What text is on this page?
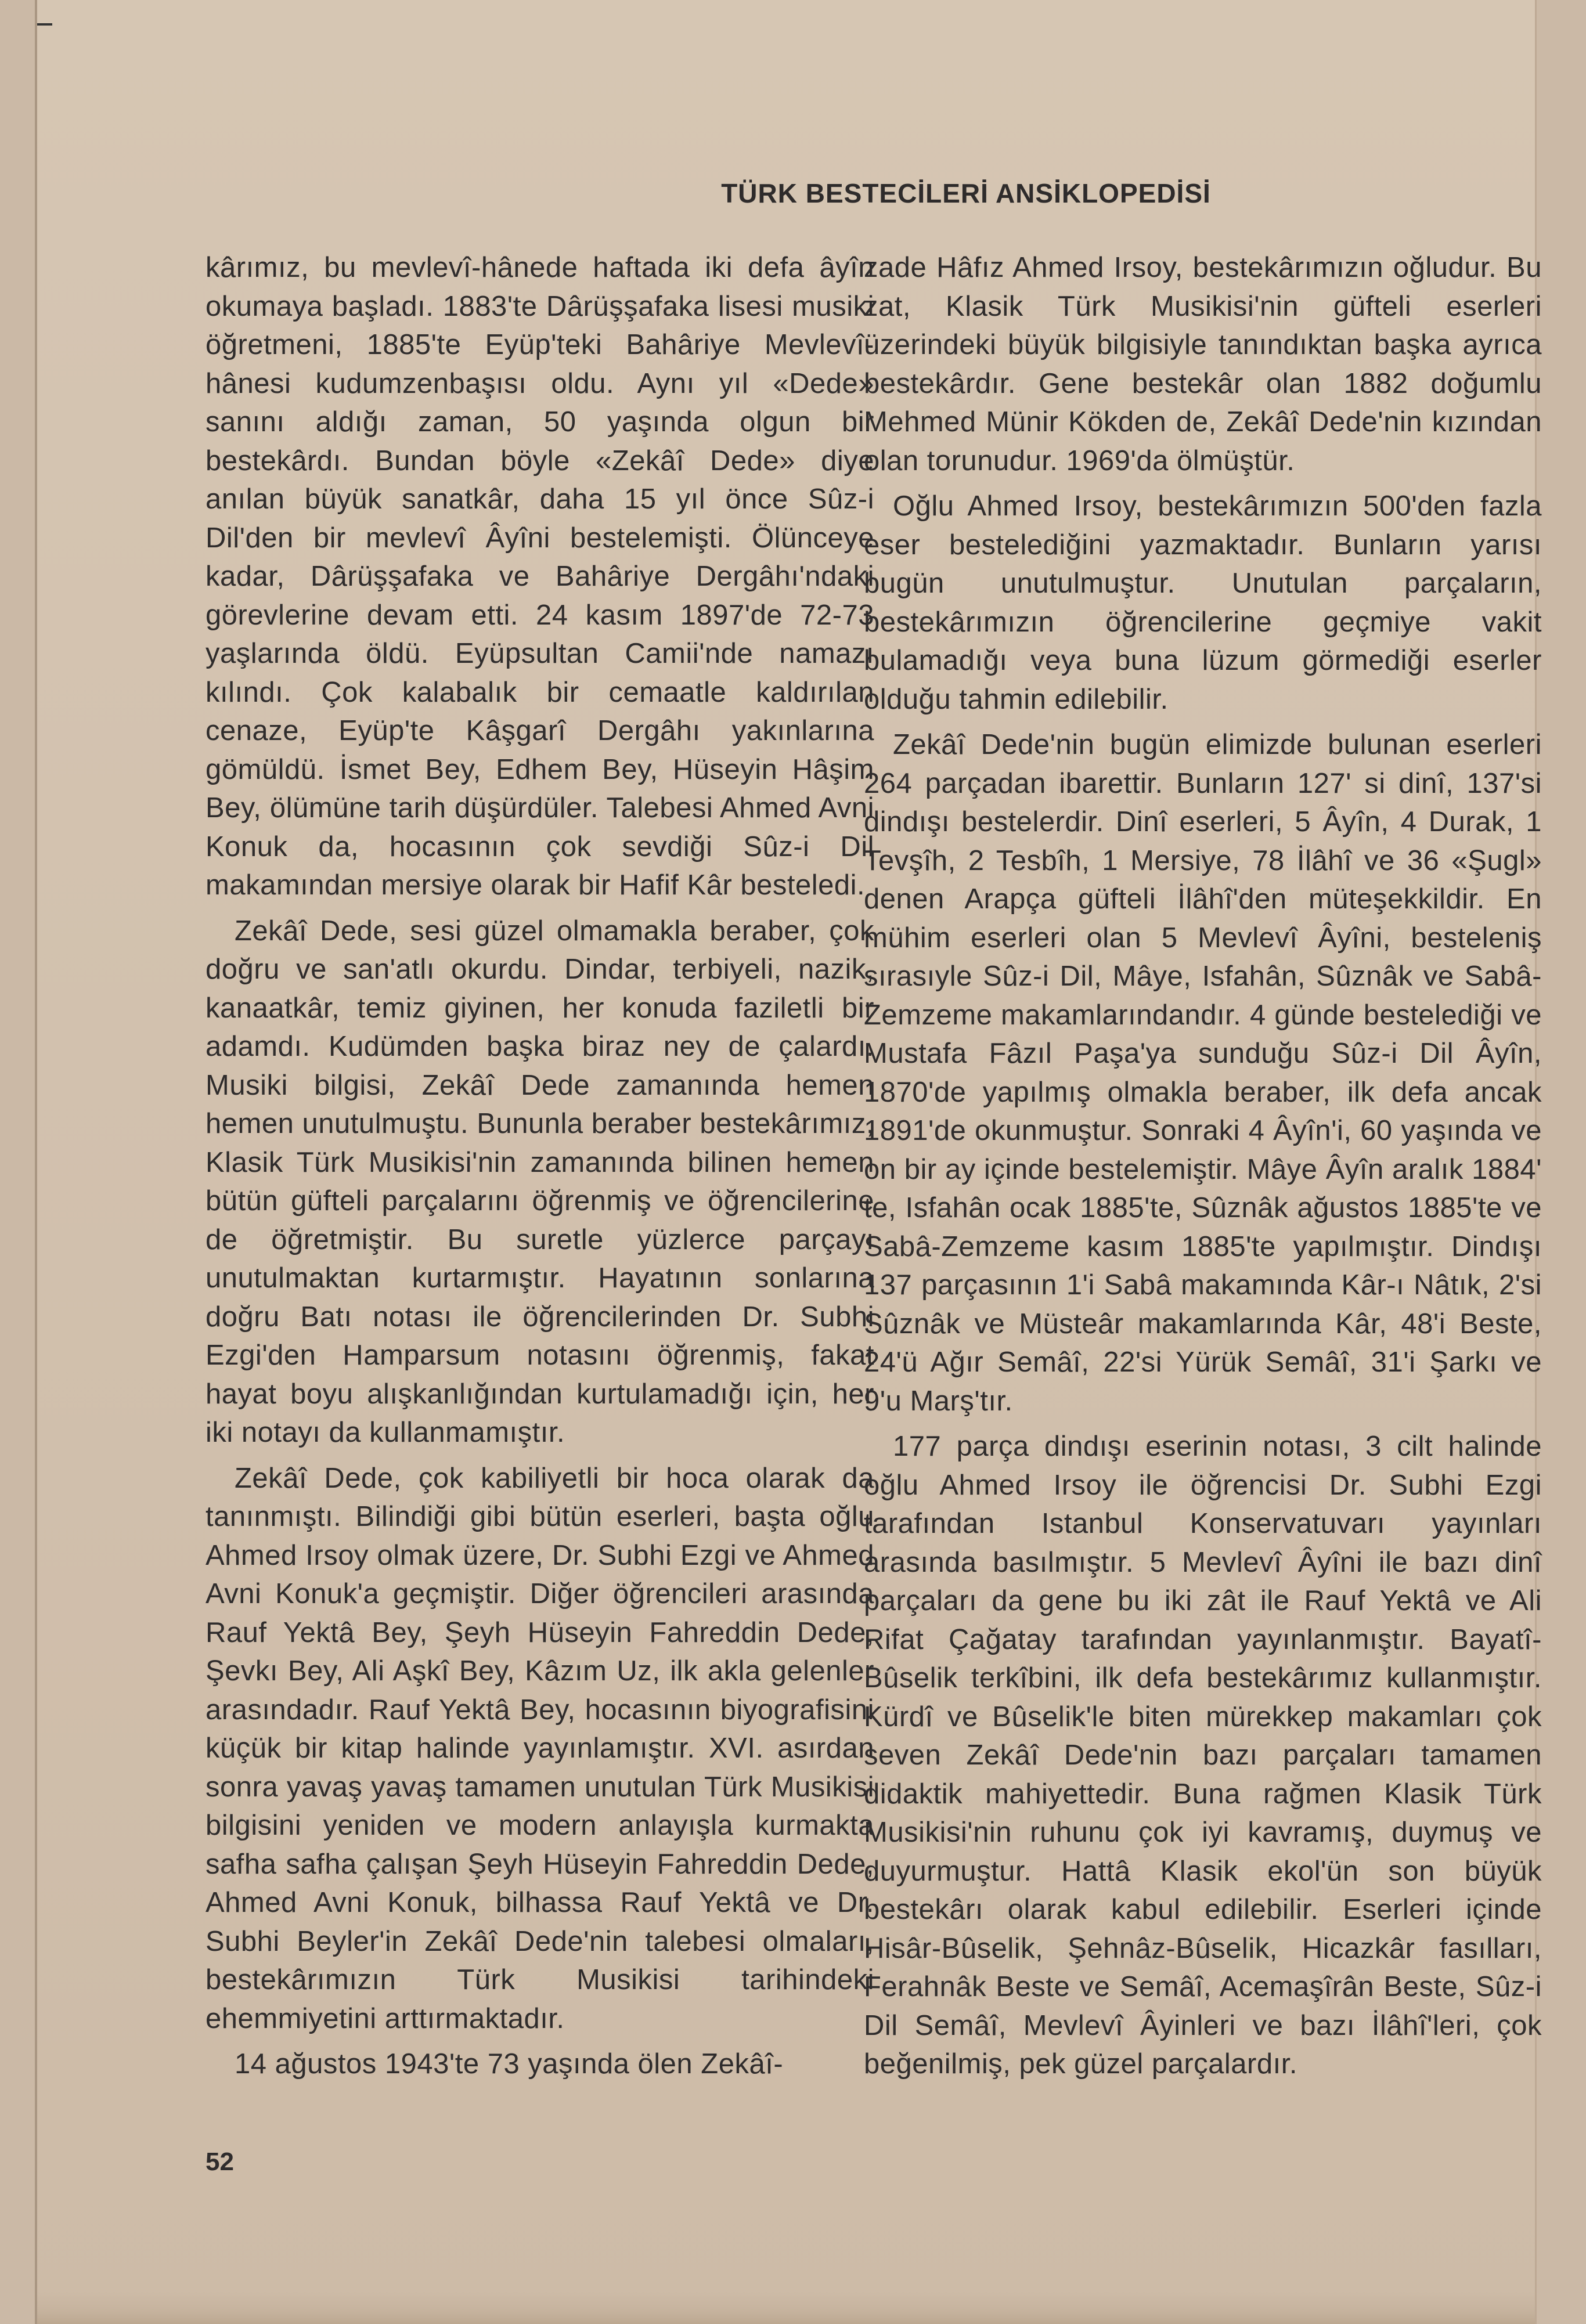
TÜRK BESTECİLERİ ANSİKLOPEDİSİ

kârımız, bu mevlevî-hânede haftada iki defa âyîn okumaya başladı. 1883'te Dârüşşafaka lisesi musiki öğretmeni, 1885'te Eyüp'teki Bahâriye Mevlevî-hânesi kudumzenbaşısı oldu. Aynı yıl «Dede» sanını aldığı zaman, 50 yaşında olgun bir bestekârdı. Bundan böyle «Zekâî Dede» diye anılan büyük sanatkâr, daha 15 yıl önce Sûz-i Dil'den bir mevlevî Âyîni bestelemişti. Ölünceye kadar, Dârüşşafaka ve Bahâriye Dergâhı'ndaki görevlerine devam etti. 24 kasım 1897'de 72-73 yaşlarında öldü. Eyüpsultan Camii'nde namazı kılındı. Çok kalabalık bir cemaatle kaldırılan cenaze, Eyüp'te Kâşgarî Dergâhı yakınlarına gömüldü. İsmet Bey, Edhem Bey, Hüseyin Hâşim Bey, ölümüne tarih düşürdüler. Talebesi Ahmed Avni Konuk da, hocasının çok sevdiği Sûz-i Dil makamından mersiye olarak bir Hafif Kâr besteledi.

Zekâî Dede, sesi güzel olmamakla beraber, çok doğru ve san'atlı okurdu. Dindar, terbiyeli, nazik, kanaatkâr, temiz giyinen, her konuda faziletli bir adamdı. Kudümden başka biraz ney de çalardı. Musiki bilgisi, Zekâî Dede zamanında hemen hemen unutulmuştu. Bununla beraber bestekârımız, Klasik Türk Musikisi'nin zamanında bilinen hemen bütün güfteli parçalarını öğrenmiş ve öğrencilerine de öğretmiştir. Bu suretle yüzlerce parçayı unutulmaktan kurtarmıştır. Hayatının sonlarına doğru Batı notası ile öğrencilerinden Dr. Subhi Ezgi'den Hamparsum notasını öğrenmiş, fakat hayat boyu alışkanlığından kurtulamadığı için, her iki notayı da kullanmamıştır.

Zekâî Dede, çok kabiliyetli bir hoca olarak da tanınmıştı. Bilindiği gibi bütün eserleri, başta oğlu Ahmed Irsoy olmak üzere, Dr. Subhi Ezgi ve Ahmed Avni Konuk'a geçmiştir. Diğer öğrencileri arasında Rauf Yektâ Bey, Şeyh Hüseyin Fahreddin Dede, Şevkı Bey, Ali Aşkî Bey, Kâzım Uz, ilk akla gelenler arasındadır. Rauf Yektâ Bey, hocasının biyografisini küçük bir kitap halinde yayınlamıştır. XVI. asırdan sonra yavaş yavaş tamamen unutulan Türk Musikisi bilgisini yeniden ve modern anlayışla kurmakta safha safha çalışan Şeyh Hüseyin Fahreddin Dede, Ahmed Avni Konuk, bilhassa Rauf Yektâ ve Dr. Subhi Beyler'in Zekâî Dede'nin talebesi olmaları, bestekârımızın Türk Musikisi tarihindeki ehemmiyetini arttırmaktadır.

14 ağustos 1943'te 73 yaşında ölen Zekâî-

zade Hâfız Ahmed Irsoy, bestekârımızın oğludur. Bu zat, Klasik Türk Musikisi'nin güfteli eserleri üzerindeki büyük bilgisiyle tanındıktan başka ayrıca bestekârdır. Gene bestekâr olan 1882 doğumlu Mehmed Münir Kökden de, Zekâî Dede'nin kızından olan torunudur. 1969'da ölmüştür.

Oğlu Ahmed Irsoy, bestekârımızın 500'den fazla eser bestelediğini yazmaktadır. Bunların yarısı bugün unutulmuştur. Unutulan parçaların, bestekârımızın öğrencilerine geçmiye vakit bulamadığı veya buna lüzum görmediği eserler olduğu tahmin edilebilir.

Zekâî Dede'nin bugün elimizde bulunan eserleri 264 parçadan ibarettir. Bunların 127' si dinî, 137'si dindışı bestelerdir. Dinî eserleri, 5 Âyîn, 4 Durak, 1 Tevşîh, 2 Tesbîh, 1 Mersiye, 78 İlâhî ve 36 «Şugl» denen Arapça güfteli İlâhî'den müteşekkildir. En mühim eserleri olan 5 Mevlevî Âyîni, besteleniş sırasıyle Sûz-i Dil, Mâye, Isfahân, Sûznâk ve Sabâ-Zemzeme makamlarındandır. 4 günde bestelediği ve Mustafa Fâzıl Paşa'ya sunduğu Sûz-i Dil Âyîn, 1870'de yapılmış olmakla beraber, ilk defa ancak 1891'de okunmuştur. Sonraki 4 Âyîn'i, 60 yaşında ve on bir ay içinde bestelemiştir. Mâye Âyîn aralık 1884' te, Isfahân ocak 1885'te, Sûznâk ağustos 1885'te ve Sabâ-Zemzeme kasım 1885'te yapılmıştır. Dindışı 137 parçasının 1'i Sabâ makamında Kâr-ı Nâtık, 2'si Sûznâk ve Müsteâr makamlarında Kâr, 48'i Beste, 24'ü Ağır Semâî, 22'si Yürük Semâî, 31'i Şarkı ve 9'u Marş'tır.

177 parça dindışı eserinin notası, 3 cilt halinde oğlu Ahmed Irsoy ile öğrencisi Dr. Subhi Ezgi tarafından Istanbul Konservatuvarı yayınları arasında basılmıştır. 5 Mevlevî Âyîni ile bazı dinî parçaları da gene bu iki zât ile Rauf Yektâ ve Ali Rifat Çağatay tarafından yayınlanmıştır. Bayatî-Bûselik terkîbini, ilk defa bestekârımız kullanmıştır. Kürdî ve Bûselik'le biten mürekkep makamları çok seven Zekâî Dede'nin bazı parçaları tamamen didaktik mahiyettedir. Buna rağmen Klasik Türk Musikisi'nin ruhunu çok iyi kavramış, duymuş ve duyurmuştur. Hattâ Klasik ekol'ün son büyük bestekârı olarak kabul edilebilir. Eserleri içinde Hisâr-Bûselik, Şehnâz-Bûselik, Hicazkâr fasılları, Ferahnâk Beste ve Semâî, Acemaşîrân Beste, Sûz-i Dil Semâî, Mevlevî Âyinleri ve bazı İlâhî'leri, çok beğenilmiş, pek güzel parçalardır.

52
